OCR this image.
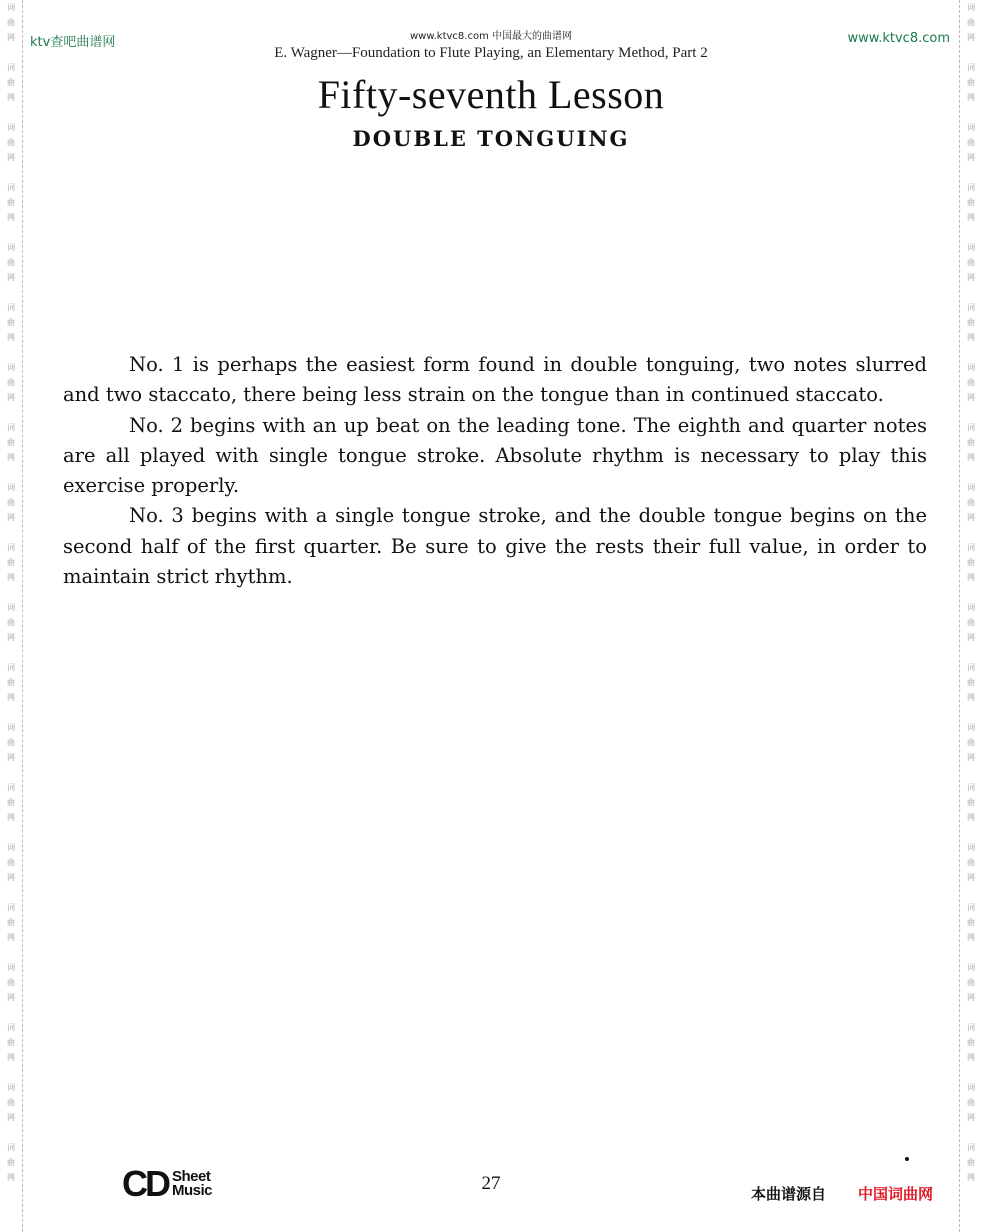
词
曲
网
词
曲
网
词
曲
网
词
曲
网
词
曲
网
词
曲
网
词
曲
网
词
曲
网
词
曲
网
词
曲
网
词
曲
网
词
曲
网
词
曲
网
词
曲
网
词
曲
网
词
曲
网
词
曲
网
词
曲
网
词
曲
网
词
曲
网
词
曲
网
词
曲
网
词
曲
网
词
曲
网
词
曲
网
词
曲
网
词
曲
网
词
曲
网
词
曲
网
词
曲
网
词
曲
网
词
曲
网
词
曲
网
词
曲
网
词
曲
网
词
曲
网
词
曲
网
词
曲
网
词
曲
网
词
曲
网
www.ktvc8.com 中国最大的曲谱网
ktv查吧曲谱网	www.ktvc8.com
E. Wagner—Foundation to Flute Playing, an Elementary Method, Part 2
Fifty-seventh Lesson
DOUBLE TONGUING

No. 1 is perhaps the easiest form found in double tonguing, two notes slurred and two staccato, there being less strain on the tongue than in continued staccato.

No. 2 begins with an up beat on the leading tone. The eighth and quarter notes are all played with single tongue stroke. Absolute rhythm is necessary to play this exercise properly.

No. 3 begins with a single tongue stroke, and the double tongue begins on the second half of the first quarter. Be sure to give the rests their full value, in order to maintain strict rhythm.

CD Sheet
Music	27	本曲谱源自 中国词曲网
